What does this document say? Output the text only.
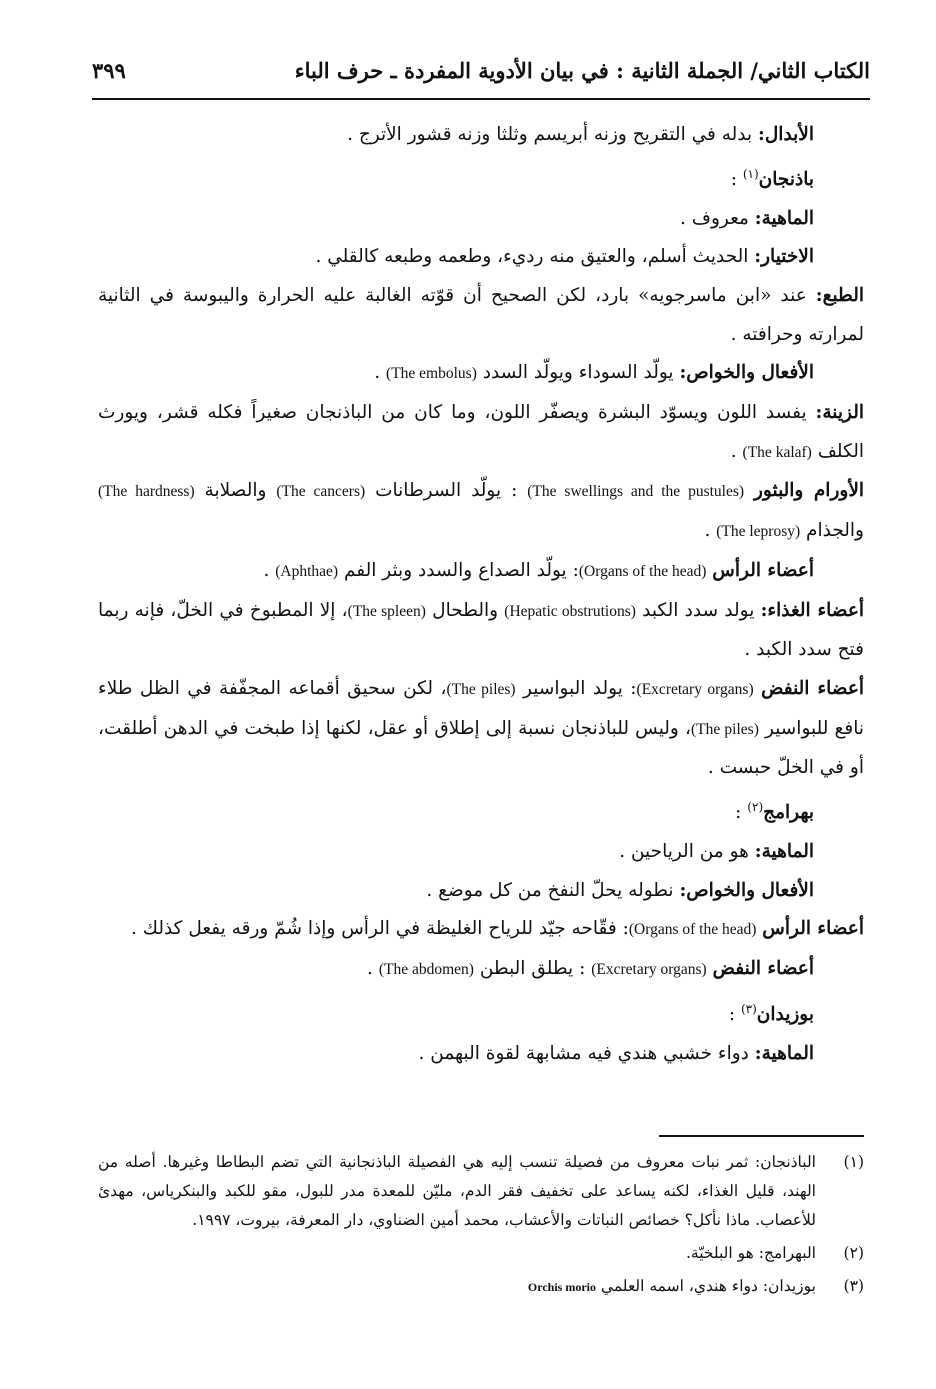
الكتاب الثاني/ الجملة الثانية : في بيان الأدوية المفردة ـ حرف الباء
٣٩٩

الأبدال: بدله في التقريح وزنه أبريسم وثلثا وزنه قشور الأترج .

باذنجان$^{(١)}$ :

الماهية: معروف .

الاختيار: الحديث أسلم، والعتيق منه رديء، وطعمه وطبعه كالقلي .

الطبع: عند «ابن ماسرجويه» بارد، لكن الصحيح أن قوّته الغالبة عليه الحرارة واليبوسة في الثانية لمرارته وحرافته .

الأفعال والخواص: يولّد السوداء ويولّد السدد (The embolus) .

الزينة: يفسد اللون ويسوّد البشرة ويصفّر اللون، وما كان من الباذنجان صغيراً فكله قشر، ويورث الكلف (The kalaf) .

الأورام والبثور (The swellings and the pustules) : يولّد السرطانات (The cancers) والصلابة (The hardness) والجذام (The leprosy) .

أعضاء الرأس (Organs of the head): يولّد الصداع والسدد وبثر الفم (Aphthae) .

أعضاء الغذاء: يولد سدد الكبد (Hepatic obstrutions) والطحال (The spleen)، إلا المطبوخ في الخلّ، فإنه ربما فتح سدد الكبد .

أعضاء النفض (Excretary organs): يولد البواسير (The piles)، لكن سحيق أقماعه المجفّفة في الظل طلاء نافع للبواسير (The piles)، وليس للباذنجان نسبة إلى إطلاق أو عقل، لكنها إذا طبخت في الدهن أطلقت، أو في الخلّ حبست .

بهرامج$^{(٢)}$ :

الماهية: هو من الرياحين .

الأفعال والخواص: نطوله يحلّ النفخ من كل موضع .

أعضاء الرأس (Organs of the head): فقّاحه جيّد للرياح الغليظة في الرأس وإذا شُمّ ورقه يفعل كذلك .

أعضاء النفض (Excretary organs) : يطلق البطن (The abdomen) .

بوزيدان$^{(٣)}$ :

الماهية: دواء خشبي هندي فيه مشابهة لقوة البهمن .

(١)
الباذنجان: ثمر نبات معروف من فصيلة تنسب إليه هي الفصيلة الباذنجانية التي تضم البطاطا وغيرها. أصله من الهند، قليل الغذاء، لكنه يساعد على تخفيف فقر الدم، مليّن للمعدة مدر للبول، مقو للكبد والبنكرياس، مهدئ للأعصاب. ماذا نأكل؟ خصائص النباتات والأعشاب، محمد أمين الضناوي، دار المعرفة، بيروت، ١٩٩٧.

(٢)
البهرامج: هو البلخيّة.

(٣)
بوزيدان: دواء هندي، اسمه العلمي Orchis morio
